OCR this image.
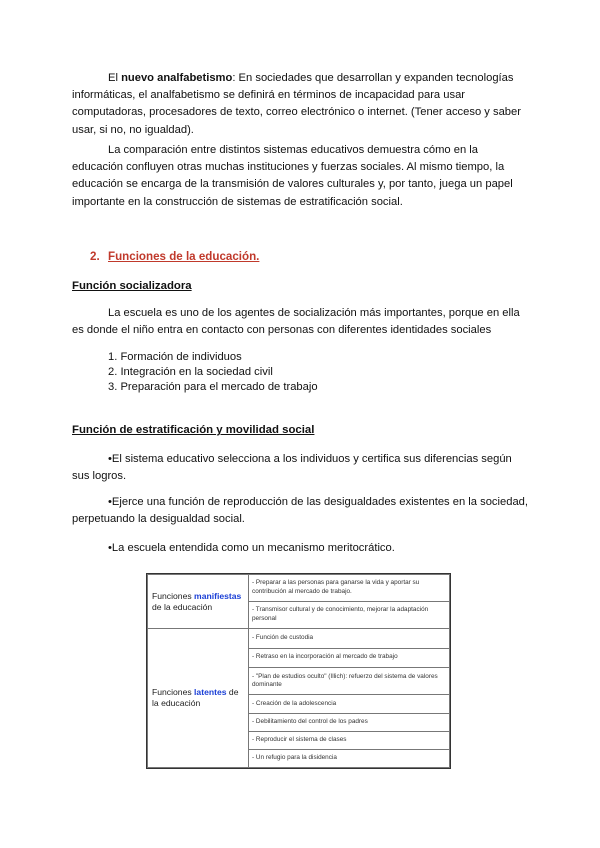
El nuevo analfabetismo: En sociedades que desarrollan y expanden tecnologías informáticas, el analfabetismo se definirá en términos de incapacidad para usar computadoras, procesadores de texto, correo electrónico o internet. (Tener acceso y saber usar, si no, no igualdad).

La comparación entre distintos sistemas educativos demuestra cómo en la educación confluyen otras muchas instituciones y fuerzas sociales. Al mismo tiempo, la educación se encarga de la transmisión de valores culturales y, por tanto, juega un papel importante en la construcción de sistemas de estratificación social.

2. Funciones de la educación.

Función socializadora

La escuela es uno de los agentes de socialización más importantes, porque en ella es donde el niño entra en contacto con personas con diferentes identidades sociales

1. Formación de individuos
2. Integración en la sociedad civil
3. Preparación para el mercado de trabajo

Función de estratificación y movilidad social

•El sistema educativo selecciona a los individuos y certifica sus diferencias según sus logros.

•Ejerce una función de reproducción de las desigualdades existentes en la sociedad, perpetuando la desigualdad social.

•La escuela entendida como un mecanismo meritocrático.

Funciones manifiestas de la educación	- Preparar a las personas para ganarse la vida y aportar su contribución al mercado de trabajo.
	- Transmisor cultural y de conocimiento, mejorar la adaptación personal
Funciones latentes de la educación	- Función de custodia
	- Retraso en la incorporación al mercado de trabajo
	- "Plan de estudios oculto" (Illich): refuerzo del sistema de valores dominante
	- Creación de la adolescencia
	- Debilitamiento del control de los padres
	- Reproducir el sistema de clases
	- Un refugio para la disidencia
